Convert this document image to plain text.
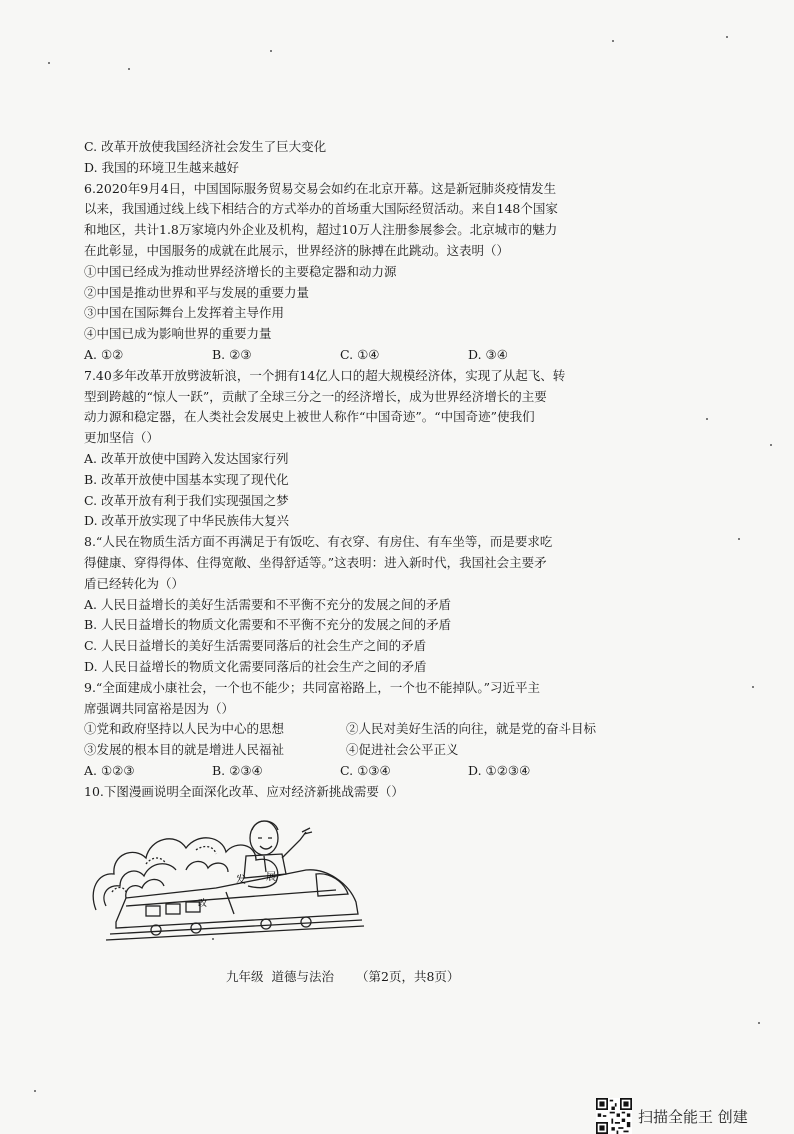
C. 改革开放使我国经济社会发生了巨大变化
D. 我国的环境卫生越来越好
6.2020年9月4日，中国国际服务贸易交易会如约在北京开幕。这是新冠肺炎疫情发生
以来，我国通过线上线下相结合的方式举办的首场重大国际经贸活动。来自148个国家
和地区，共计1.8万家境内外企业及机构，超过10万人注册参展参会。北京城市的魅力
在此彰显，中国服务的成就在此展示，世界经济的脉搏在此跳动。这表明（）
①中国已经成为推动世界经济增长的主要稳定器和动力源
②中国是推动世界和平与发展的重要力量
③中国在国际舞台上发挥着主导作用
④中国已成为影响世界的重要力量
A. ①②	B. ②③	C. ①④	D. ③④
7.40多年改革开放劈波斩浪，一个拥有14亿人口的超大规模经济体，实现了从起飞、转
型到跨越的“惊人一跃”，贡献了全球三分之一的经济增长，成为世界经济增长的主要
动力源和稳定器，在人类社会发展史上被世人称作“中国奇迹”。“中国奇迹”使我们
更加坚信（）
A. 改革开放使中国跨入发达国家行列
B. 改革开放使中国基本实现了现代化
C. 改革开放有利于我们实现强国之梦
D. 改革开放实现了中华民族伟大复兴
8.“人民在物质生活方面不再满足于有饭吃、有衣穿、有房住、有车坐等，而是要求吃
得健康、穿得得体、住得宽敞、坐得舒适等。”这表明：进入新时代，我国社会主要矛
盾已经转化为（）
A. 人民日益增长的美好生活需要和不平衡不充分的发展之间的矛盾
B. 人民日益增长的物质文化需要和不平衡不充分的发展之间的矛盾
C. 人民日益增长的美好生活需要同落后的社会生产之间的矛盾
D. 人民日益增长的物质文化需要同落后的社会生产之间的矛盾
9.“全面建成小康社会，一个也不能少；共同富裕路上，一个也不能掉队。”习近平主
席强调共同富裕是因为（）
①党和政府坚持以人民为中心的思想	②人民对美好生活的向往，就是党的奋斗目标
③发展的根本目的就是增进人民福祉	④促进社会公平正义
A. ①②③	B. ②③④	C. ①③④	D. ①②③④
10.下图漫画说明全面深化改革、应对经济新挑战需要（）
发 展
改
九年级 道德与法治 （第2页，共8页）
扫描全能王 创建
